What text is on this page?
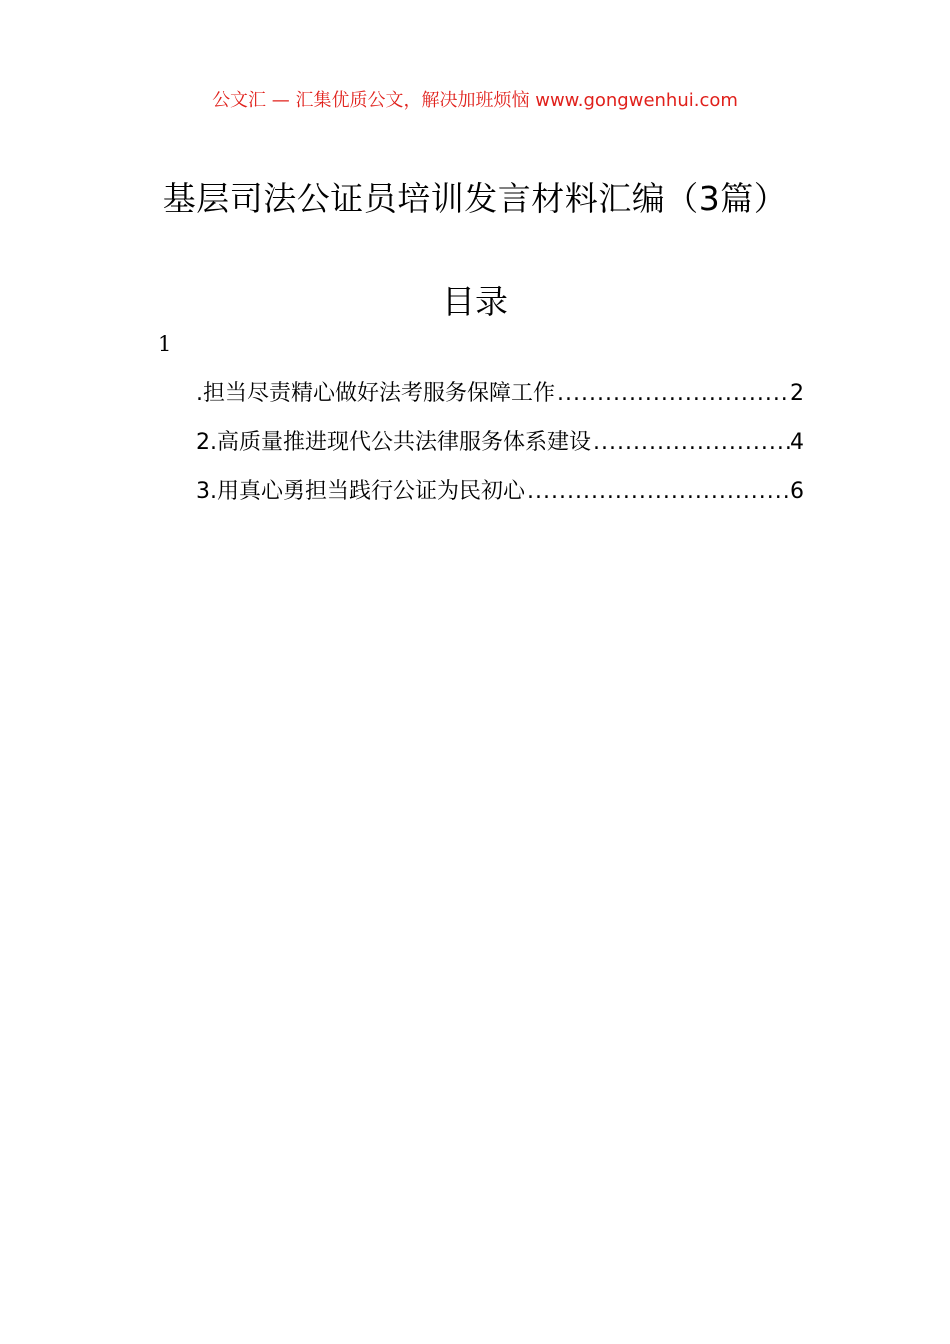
公文汇 — 汇集优质公文，解决加班烦恼 www.gongwenhui.com
基层司法公证员培训发言材料汇编（3篇）
目录
1
.担当尽责精心做好法考服务保障工作 .....	2
2.高质量推进现代公共法律服务体系建设 .....	4
3.用真心勇担当践行公证为民初心 .....	6
